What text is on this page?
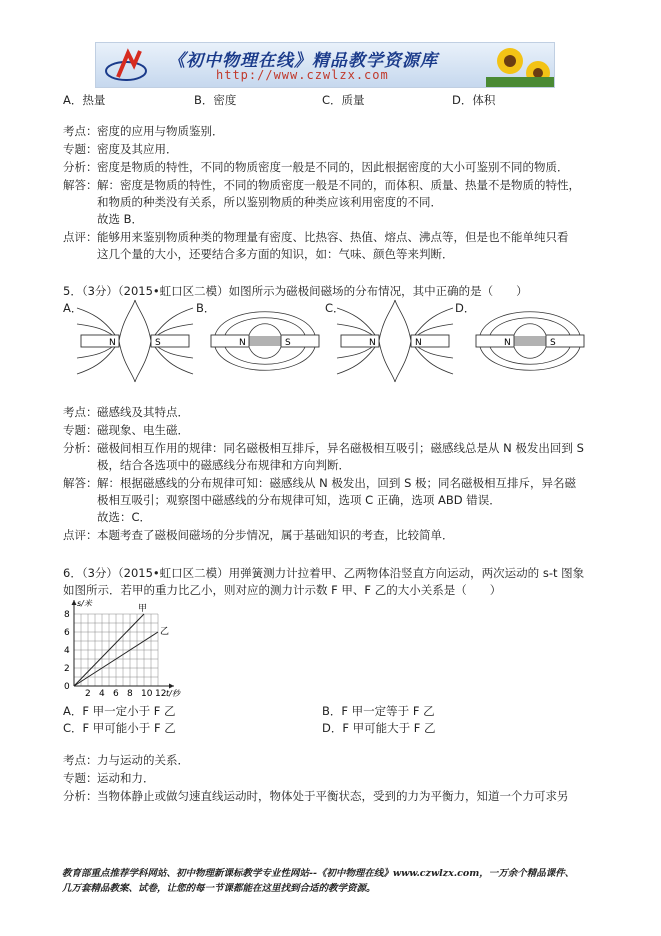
《初中物理在线》精品教学资源库
http://www.czwlzx.com
A．热量	B．密度	C．质量	D．体积
考点：密度的应用与物质鉴别．
专题：密度及其应用．
分析：密度是物质的特性，不同的物质密度一般是不同的，因此根据密度的大小可鉴别不同的物质．
解答：解：密度是物质的特性，不同的物质密度一般是不同的，而体积、质量、热量不是物质的特性，
和物质的种类没有关系，所以鉴别物质的种类应该利用密度的不同．
故选 B．
点评：能够用来鉴别物质种类的物理量有密度、比热容、热值、熔点、沸点等，但是也不能单纯只看
这几个量的大小，还要结合多方面的知识，如：气味、颜色等来判断．
5．（3分）（2015•虹口区二模）如图所示为磁极间磁场的分布情况，其中正确的是（　　）
A．	B．	C．	D．
N	S	N	S	N	N	N	S
考点：磁感线及其特点．
专题：磁现象、电生磁．
分析：磁极间相互作用的规律：同名磁极相互排斥，异名磁极相互吸引；磁感线总是从 N 极发出回到 S
极，结合各选项中的磁感线分布规律和方向判断．
解答：解：根据磁感线的分布规律可知：磁感线从 N 极发出，回到 S 极；同名磁极相互排斥，异名磁
极相互吸引；观察图中磁感线的分布规律可知，选项 C 正确，选项 ABD 错误．
故选：C．
点评：本题考查了磁极间磁场的分步情况，属于基础知识的考查，比较简单．
6．（3分）（2015•虹口区二模）用弹簧测力计拉着甲、乙两物体沿竖直方向运动，两次运动的 s-t 图象
如图所示．若甲的重力比乙小，则对应的测力计示数 F 甲、F 乙的大小关系是（　　）
甲
乙
2 4 6 8 10 12
2
4
6
8
0
t/秒
s/米
A．F 甲一定小于 F 乙	B．F 甲一定等于 F 乙
C．F 甲可能小于 F 乙	D．F 甲可能大于 F 乙
考点：力与运动的关系．
专题：运动和力．
分析：当物体静止或做匀速直线运动时，物体处于平衡状态，受到的力为平衡力，知道一个力可求另
教育部重点推荐学科网站、初中物理新课标教学专业性网站--《初中物理在线》www.czwlzx.com，一万余个精品课件、
几万套精品教案、试卷，让您的每一节课都能在这里找到合适的教学资源。
